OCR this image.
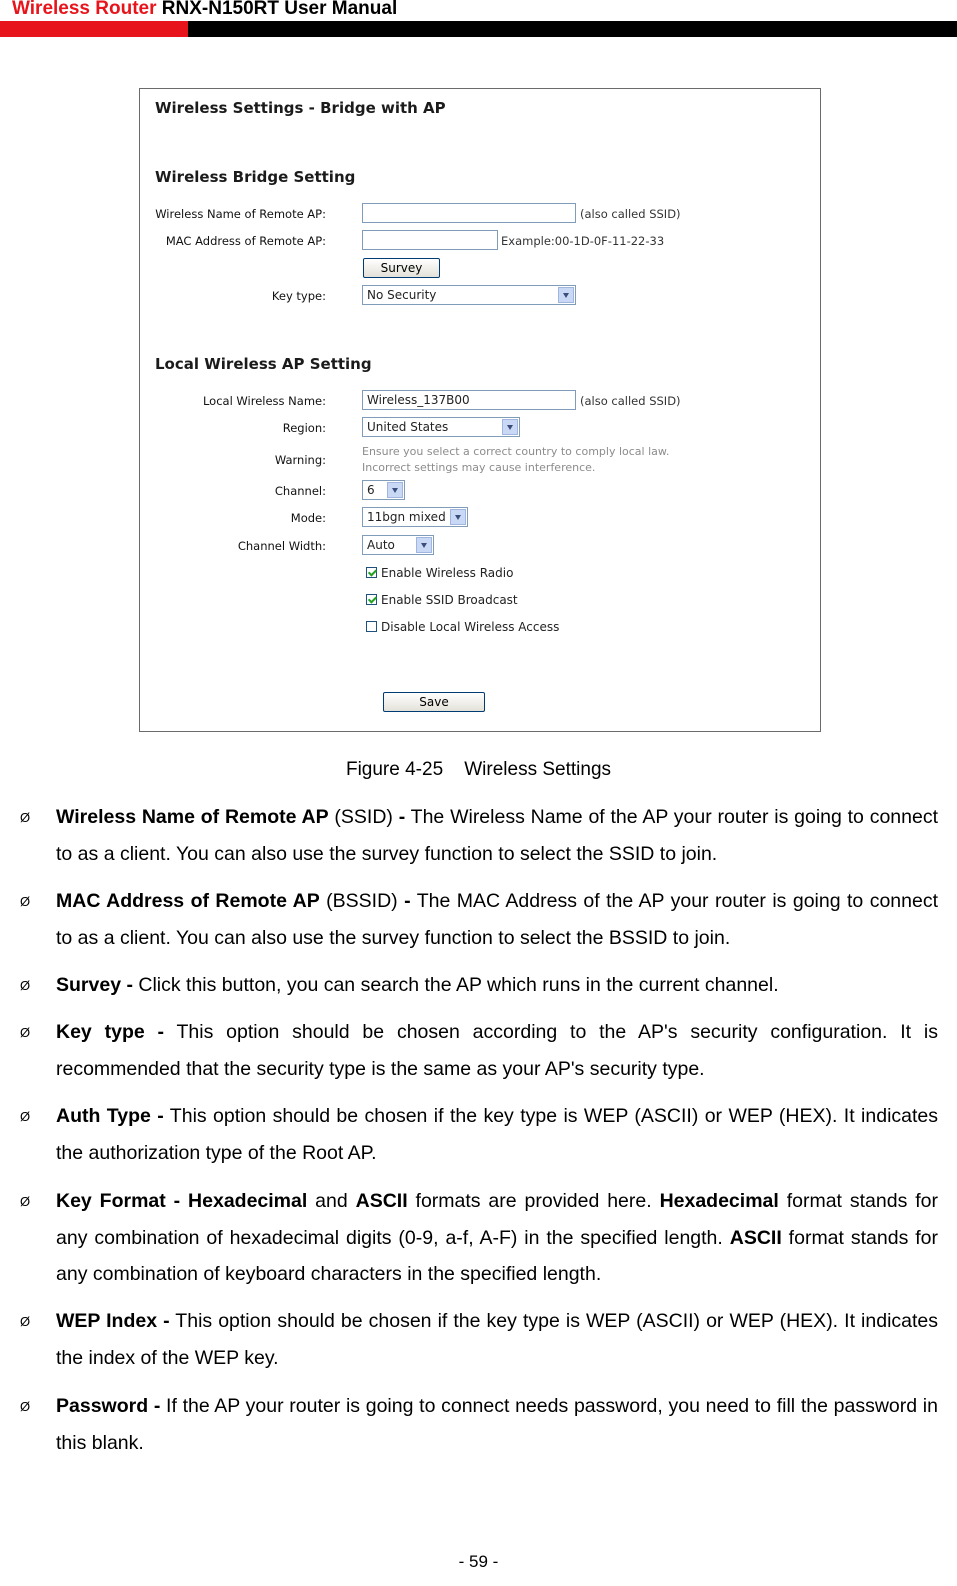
Wireless Router RNX-N150RT User Manual
Wireless Settings - Bridge with AP
Wireless Bridge Setting
Wireless Name of Remote AP:	(also called SSID)
MAC Address of Remote AP:	Example:00-1D-0F-11-22-33
Survey
Key type:	No Security
Local Wireless AP Setting
Local Wireless Name:	Wireless_137B00	(also called SSID)
Region:	United States
Warning:
Ensure you select a correct country to comply local law.
Incorrect settings may cause interference.
Channel:	6
Mode:	11bgn mixed
Channel Width:	Auto
Enable Wireless Radio
Enable SSID Broadcast
Disable Local Wireless Access
Save
Figure 4-25    Wireless Settings
Ø Wireless Name of Remote AP (SSID) - The Wireless Name of the AP your router is going to connect to as a client. You can also use the survey function to select the SSID to join.
Ø MAC Address of Remote AP (BSSID) - The MAC Address of the AP your router is going to connect to as a client. You can also use the survey function to select the BSSID to join.
Ø Survey - Click this button, you can search the AP which runs in the current channel.
Ø Key type - This option should be chosen according to the AP's security configuration. It is recommended that the security type is the same as your AP's security type.
Ø Auth Type - This option should be chosen if the key type is WEP (ASCII) or WEP (HEX). It indicates the authorization type of the Root AP.
Ø Key Format - Hexadecimal and ASCII formats are provided here. Hexadecimal format stands for any combination of hexadecimal digits (0-9, a-f, A-F) in the specified length. ASCII format stands for any combination of keyboard characters in the specified length.
Ø WEP Index - This option should be chosen if the key type is WEP (ASCII) or WEP (HEX). It indicates the index of the WEP key.
Ø Password - If the AP your router is going to connect needs password, you need to fill the password in this blank.
- 59 -
